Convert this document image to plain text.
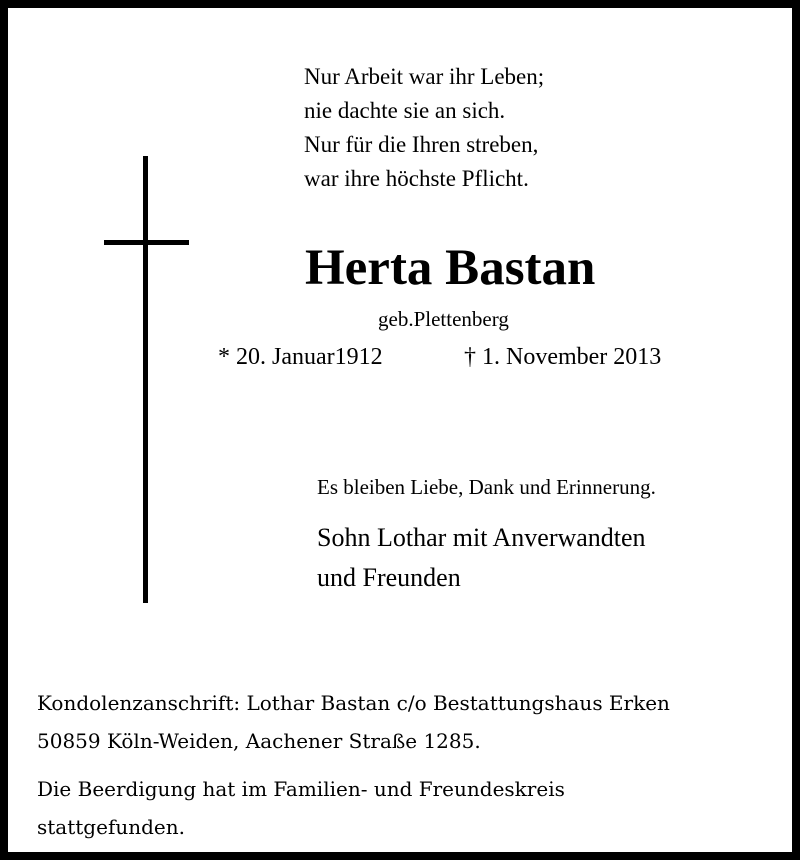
Nur Arbeit war ihr Leben;
nie dachte sie an sich.
Nur für die Ihren streben,
war ihre höchste Pflicht.
Herta Bastan
geb.Plettenberg
* 20. Januar1912	† 1. November 2013
Es bleiben Liebe, Dank und Erinnerung.
Sohn Lothar mit Anverwandten
und Freunden
Kondolenzanschrift: Lothar Bastan c/o Bestattungshaus Erken
50859 Köln-Weiden, Aachener Straße 1285.
Die Beerdigung hat im Familien- und Freundeskreis
stattgefunden.
